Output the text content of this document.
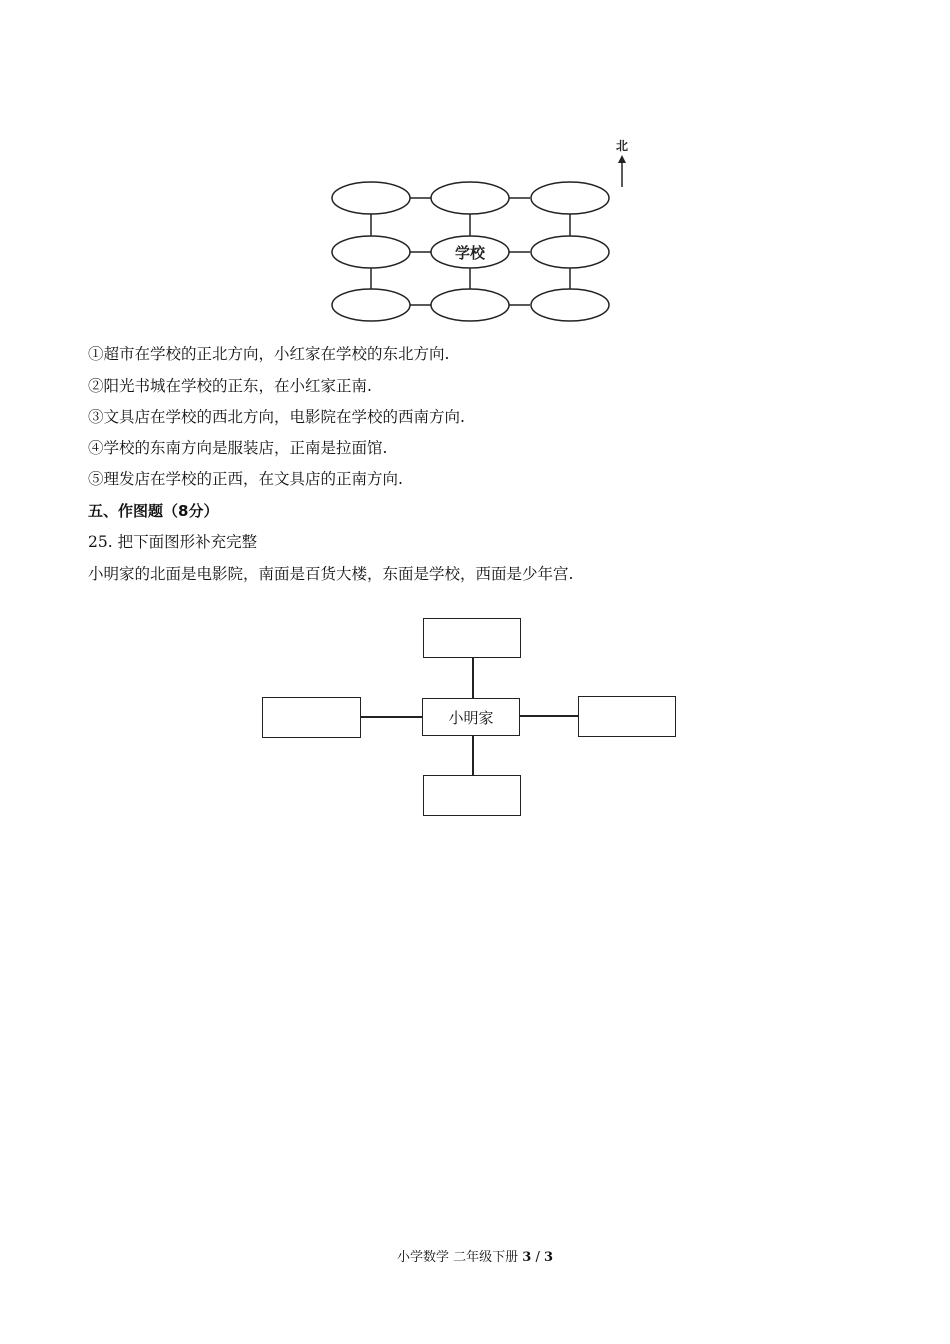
学校
北
①超市在学校的正北方向，小红家在学校的东北方向.
②阳光书城在学校的正东，在小红家正南.
③文具店在学校的西北方向，电影院在学校的西南方向.
④学校的东南方向是服装店，正南是拉面馆.
⑤理发店在学校的正西，在文具店的正南方向.
五、作图题（8分）
25. 把下面图形补充完整
小明家的北面是电影院，南面是百货大楼，东面是学校，西面是少年宫.
小明家
小学数学 二年级下册 3 / 3
